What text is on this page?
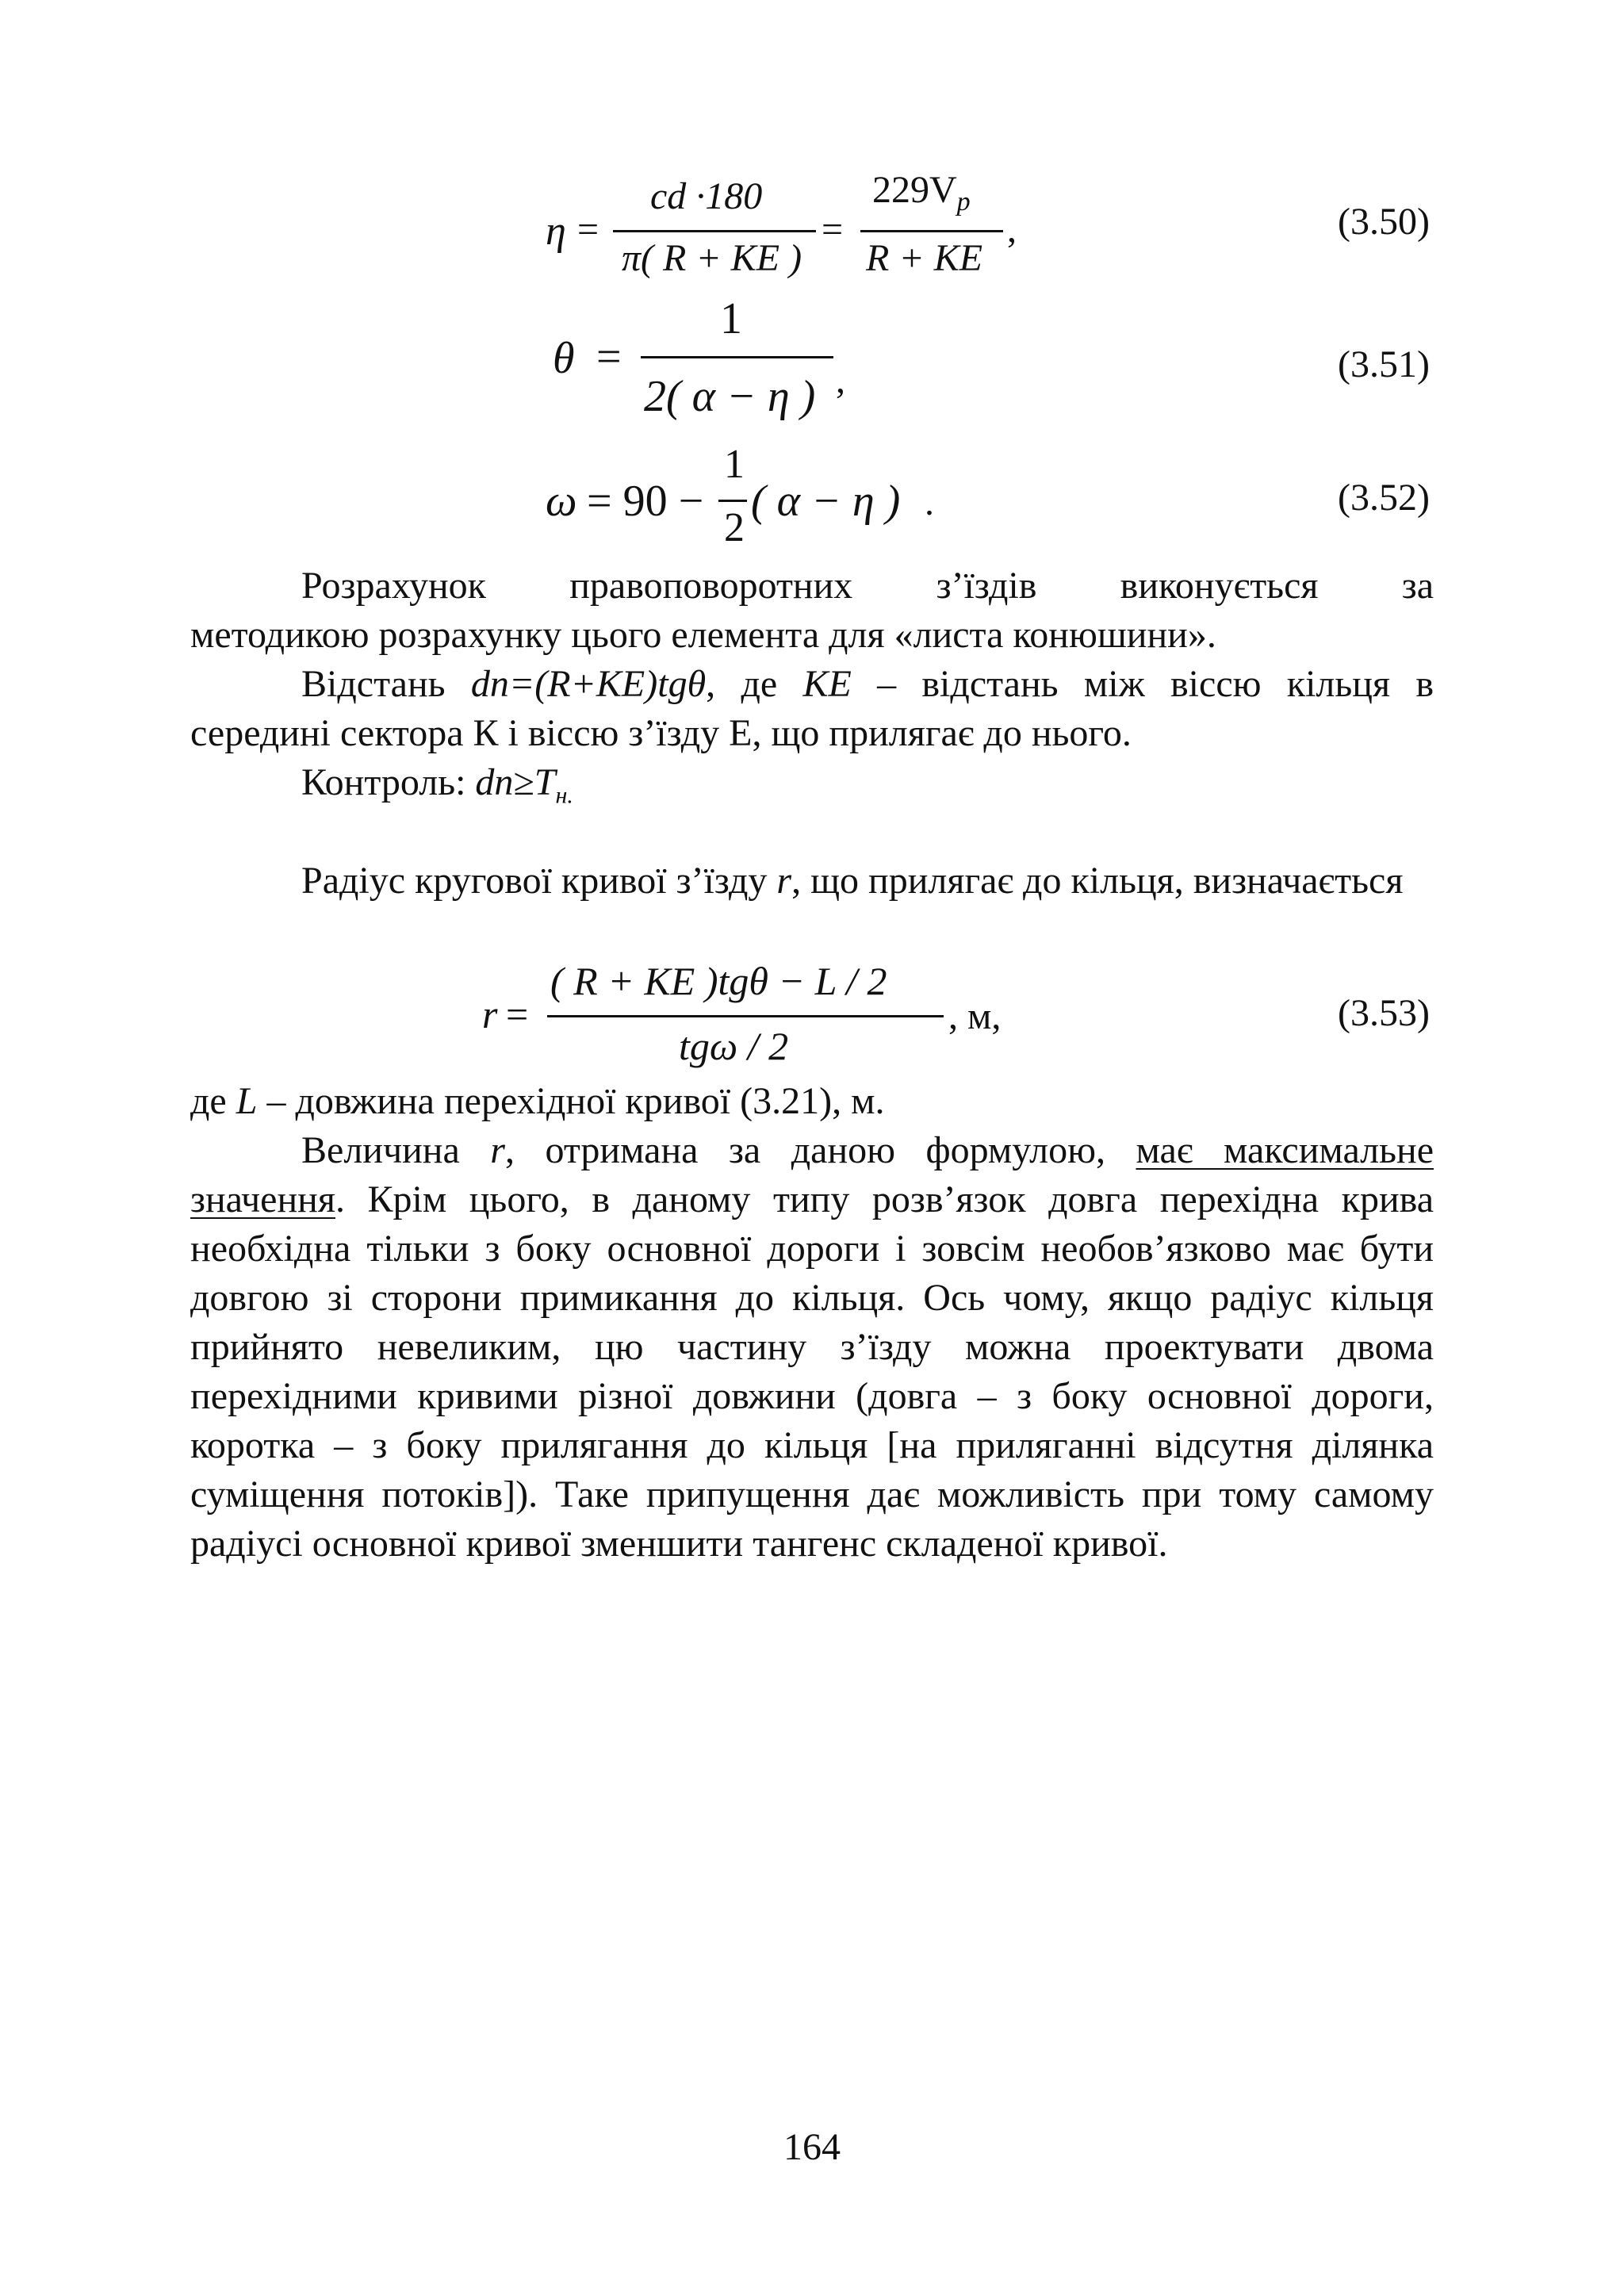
η =
cd ·180
π( R + KE )
=
$229V_p$
R + KE
,	(3.50)
θ =
1
2( α − η ) ,	(3.51)
ω = 90 −
1
2
( α − η ) .	(3.52)
Розрахунок правоповоротних з’їздів виконується за
методикою розрахунку цього елемента для «листа конюшини».

Відстань dn=(R+KE)tgθ, де KE – відстань між віссю кільця в середині сектора К і віссю з’їзду Е, що прилягає до нього.

Контроль: $dn\ge T_{н.}$

Радіус кругової кривої з’їзду r, що прилягає до кільця, визначається

r =
( R + KE )tgθ − L / 2
tgω / 2
, м,	(3.53)

де L – довжина перехідної кривої (3.21), м.

Величина r, отримана за даною формулою, має максимальне значення. Крім цього, в даному типу розв’язок довга перехідна крива необхідна тільки з боку основної дороги і зовсім необов’язково має бути довгою зі сторони примикання до кільця. Ось чому, якщо радіус кільця прийнято невеликим, цю частину з’їзду можна проектувати двома перехідними кривими різної довжини (довга – з боку основної дороги, коротка – з боку прилягання до кільця [на приляганні відсутня ділянка суміщення потоків]). Таке припущення дає можливість при тому самому радіусі основної кривої зменшити тангенс складеної кривої.

164
